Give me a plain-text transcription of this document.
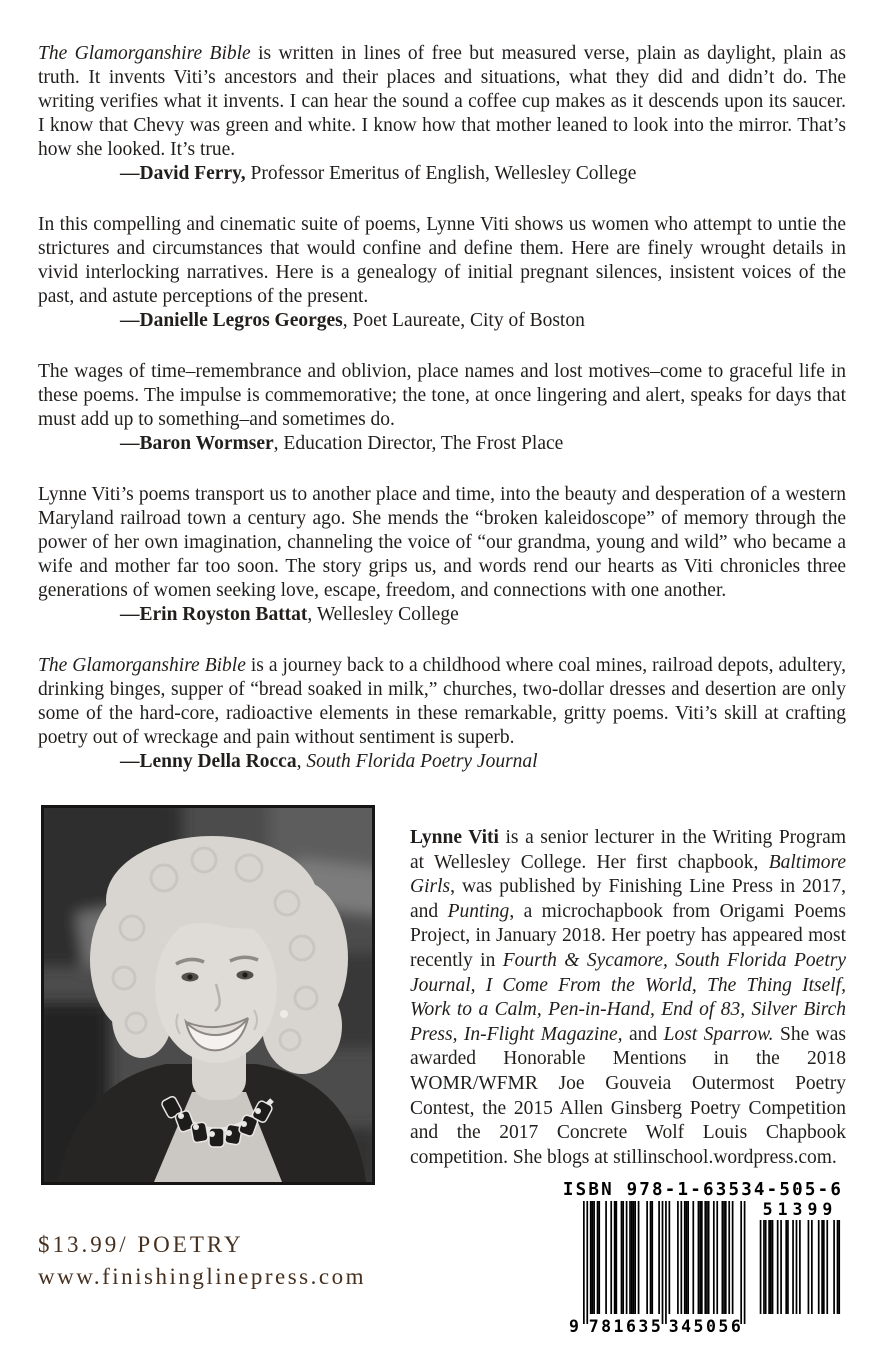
The Glamorganshire Bible is written in lines of free but measured verse, plain as daylight, plain as truth. It invents Viti’s ancestors and their places and situations, what they did and didn’t do. The writing verifies what it invents. I can hear the sound a coffee cup makes as it descends upon its saucer. I know that Chevy was green and white. I know how that mother leaned to look into the mirror. That’s how she looked. It’s true.

—David Ferry, Professor Emeritus of English, Wellesley College

In this compelling and cinematic suite of poems, Lynne Viti shows us women who attempt to untie the strictures and circumstances that would confine and define them. Here are finely wrought details in vivid interlocking narratives. Here is a genealogy of initial pregnant silences, insistent voices of the past, and astute perceptions of the present.

—Danielle Legros Georges, Poet Laureate, City of Boston

The wages of time–remembrance and oblivion, place names and lost motives–come to graceful life in these poems. The impulse is commemorative; the tone, at once lingering and alert, speaks for days that must add up to something–and sometimes do.

—Baron Wormser, Education Director, The Frost Place

Lynne Viti’s poems transport us to another place and time, into the beauty and desperation of a western Maryland railroad town a century ago. She mends the “broken kaleidoscope” of memory through the power of her own imagination, channeling the voice of “our grandma, young and wild” who became a wife and mother far too soon. The story grips us, and words rend our hearts as Viti chronicles three generations of women seeking love, escape, freedom, and connections with one another.

—Erin Royston Battat, Wellesley College

The Glamorganshire Bible is a journey back to a childhood where coal mines, railroad depots, adultery, drinking binges, supper of “bread soaked in milk,” churches, two-dollar dresses and desertion are only some of the hard-core, radioactive elements in these remarkable, gritty poems. Viti’s skill at crafting poetry out of wreckage and pain without sentiment is superb.

—Lenny Della Rocca, South Florida Poetry Journal

Lynne Viti is a senior lecturer in the Writing Program at Wellesley College. Her first chapbook, Baltimore Girls, was published by Finishing Line Press in 2017, and Punting, a microchapbook from Origami Poems Project, in January 2018. Her poetry has appeared most recently in Fourth & Sycamore, South Florida Poetry Journal, I Come From the World, The Thing Itself, Work to a Calm, Pen-in-Hand, End of 83, Silver Birch Press, In-Flight Magazine, and Lost Sparrow. She was awarded Honorable Mentions in the 2018 WOMR/WFMR Joe Gouveia Outermost Poetry Contest, the 2015 Allen Ginsberg Poetry Competition and the 2017 Concrete Wolf Louis Chapbook competition. She blogs at stillinschool.wordpress.com.

$13.99/ POETRY

www.finishinglinepress.com

ISBN 978-1-63534-505-6
51399
9 781635 345056
